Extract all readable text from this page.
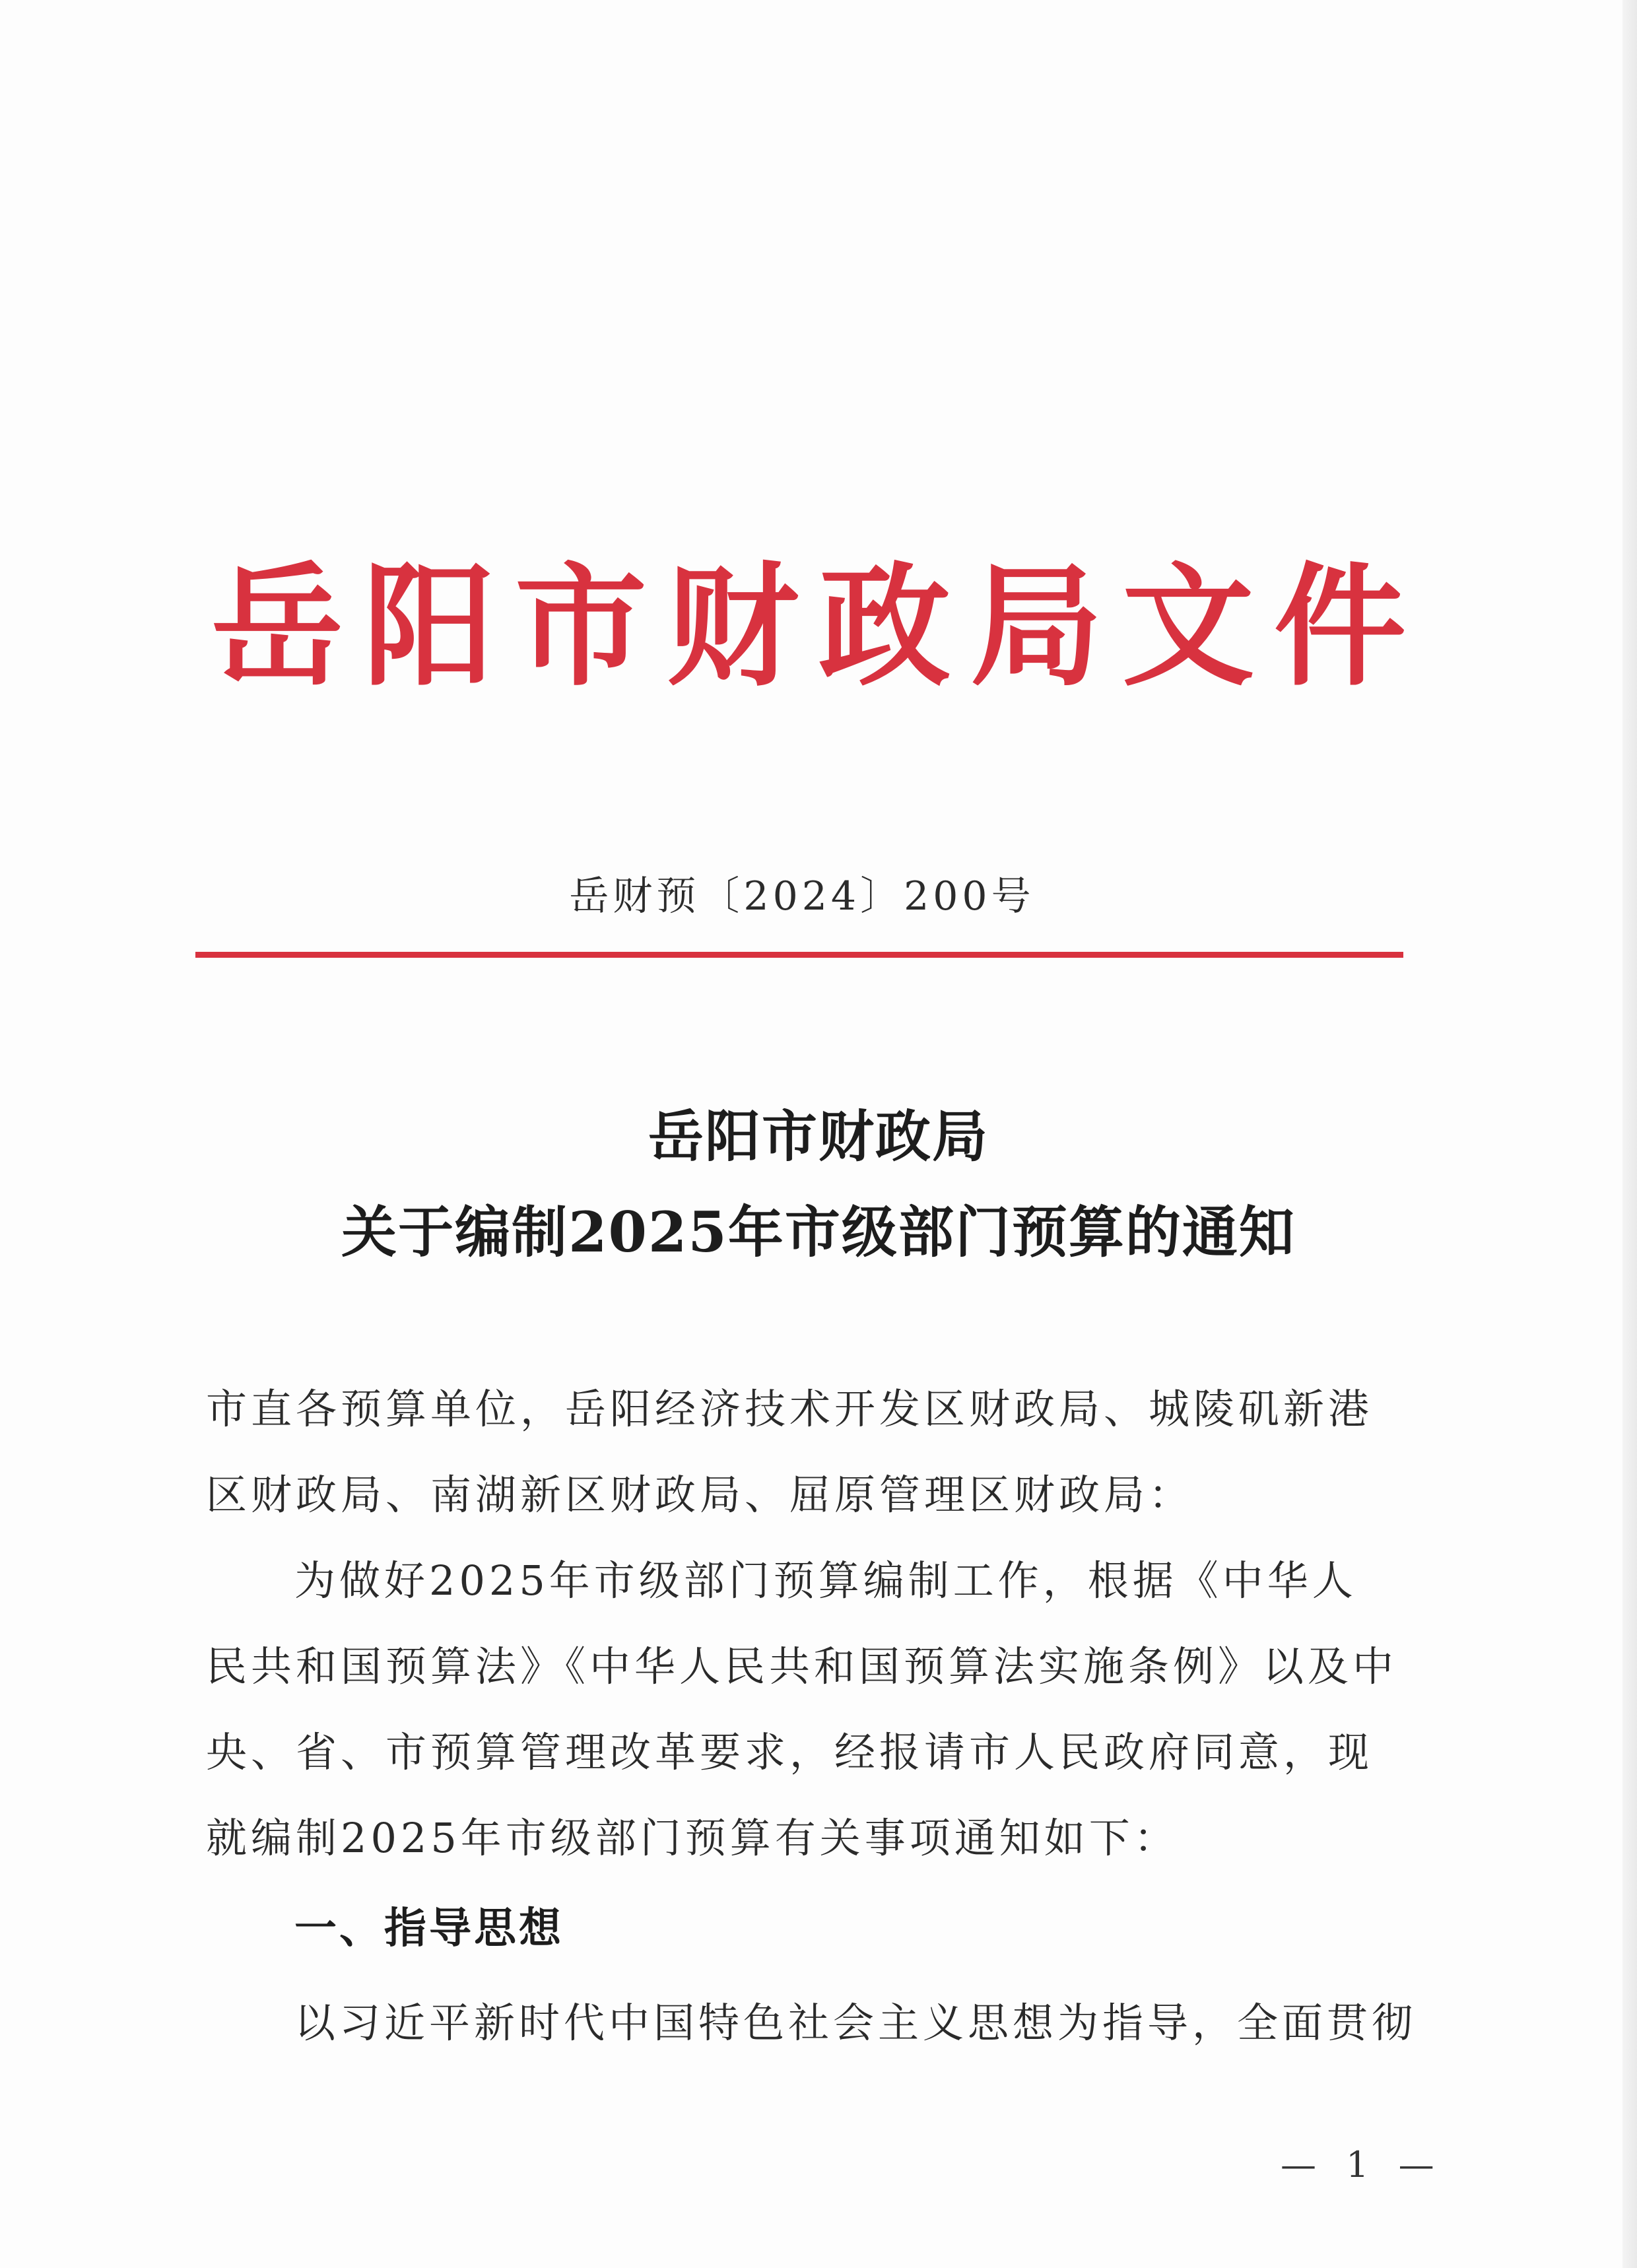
岳阳市财政局文件
岳财预〔2024〕200号
岳阳市财政局
关于编制2025年市级部门预算的通知
市直各预算单位，岳阳经济技术开发区财政局、城陵矶新港区财政局、南湖新区财政局、屈原管理区财政局：
为做好2025年市级部门预算编制工作，根据《中华人民共和国预算法》《中华人民共和国预算法实施条例》以及中央、省、市预算管理改革要求，经报请市人民政府同意，现就编制2025年市级部门预算有关事项通知如下：
一、指导思想
以习近平新时代中国特色社会主义思想为指导，全面贯彻
— 1 —
